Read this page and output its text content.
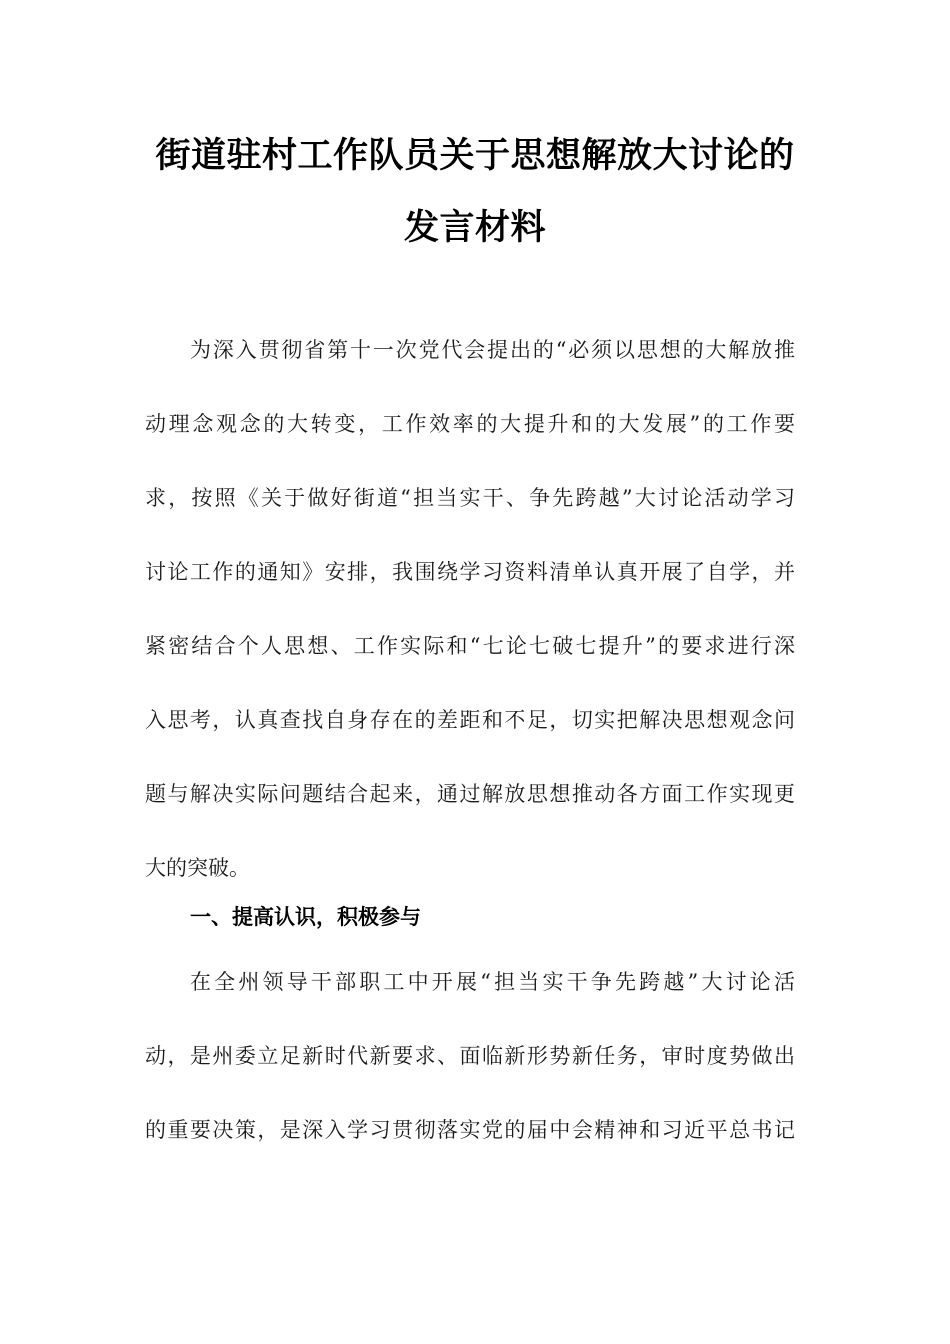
街道驻村工作队员关于思想解放大讨论的
发言材料
为深入贯彻省第十一次党代会提出的“必须以思想的大解放推
动理念观念的大转变，工作效率的大提升和的大发展”的工作要
求，按照《关于做好街道“担当实干、争先跨越”大讨论活动学习
讨论工作的通知》安排，我围绕学习资料清单认真开展了自学，并
紧密结合个人思想、工作实际和“七论七破七提升”的要求进行深
入思考，认真查找自身存在的差距和不足，切实把解决思想观念问
题与解决实际问题结合起来，通过解放思想推动各方面工作实现更
大的突破。
一、提高认识，积极参与
在全州领导干部职工中开展“担当实干争先跨越”大讨论活
动，是州委立足新时代新要求、面临新形势新任务，审时度势做出
的重要决策，是深入学习贯彻落实党的届中会精神和习近平总书记
